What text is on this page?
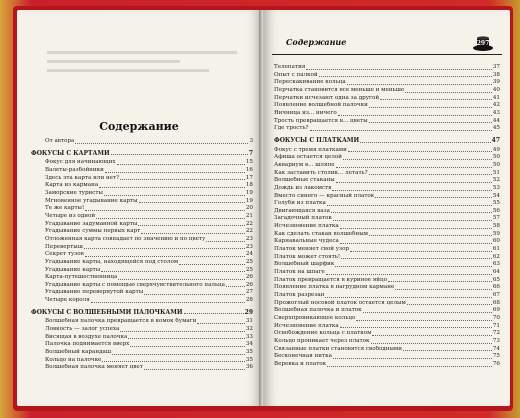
Содержание
От автора	3
ФОКУСЫ С КАРТАМИ	7
Фокус для начинающих	15
Валеты-разбойники	16
Здесь эта карта или нет?	17
Карта из кармана	18
Заморские туристы	19
Мгновенное угадывание карты	19
Те же карты!	20
Четыре из одной	21
Угадывание задуманной карты	22
Угадывание суммы первых карт	22
Отложенная карта совпадает по значению и по цвету	23
Перевертыш	23
Секрет тузов	24
Угадывание карты, находящейся под столом	25
Угадывание карты	25
Карта-путешественница	26
Угадывание карты с помощью сверхчувствительного пальца	26
Угадывание перевернутой карты	27
Четыре короля	28
ФОКУСЫ С ВОЛШЕБНЫМИ ПАЛОЧКАМИ	29
Волшебная палочка превращается в комок бумаги	31
Ловкость — залог успеха	32
Висящая в воздухе палочка	33
Палочка поднимается вверх	34
Волшебный карандаш	35
Кольцо на палочке	35
Волшебная палочка меняет цвет	36
Содержание	297
Телепатия	37
Опыт с палкой	38
Перескакивание кольца	39
Перчатка становится все меньше и меньше	40
Перчатки исчезают одна за другой	41
Появление волшебной палочки	42
Яичница из... ничего	43
Трость превращается в... цветы	44
Где трость?	45
ФОКУСЫ С ПЛАТКАМИ	47
Фокус с тремя платками	49
Афиша остается целой	50
Аквариум в... шляпе	50
Как заставить столик... летать?	51
Волшебные стаканы	52
Дождь из лакомств	53
Вместо синего — красный платок	54
Голуби из платка	55
Двигающаяся ваза	56
Загадочный платок	57
Исчезновение платка	58
Как сделать стакан волшебным	59
Карнавальные чудеса	60
Платок меняет свой узор	61
Платок может стоять!	62
Волшебный шарфик	63
Платок на шпаге	64
Платок превращается в куриное яйцо	65
Появление платка в нагрудном кармане	66
Платок разрезан	67
Прожоглый носовой платок остается целым	68
Волшебная палочка и платок	69
Сверхпроникающее кольцо	70
Исчезновение платка	71
Освобождение кольца с платком	72
Кольцо проникает через платок	73
Связанные платки становятся свободными	74
Бесконечная нитка	75
Веревка и платок	76
